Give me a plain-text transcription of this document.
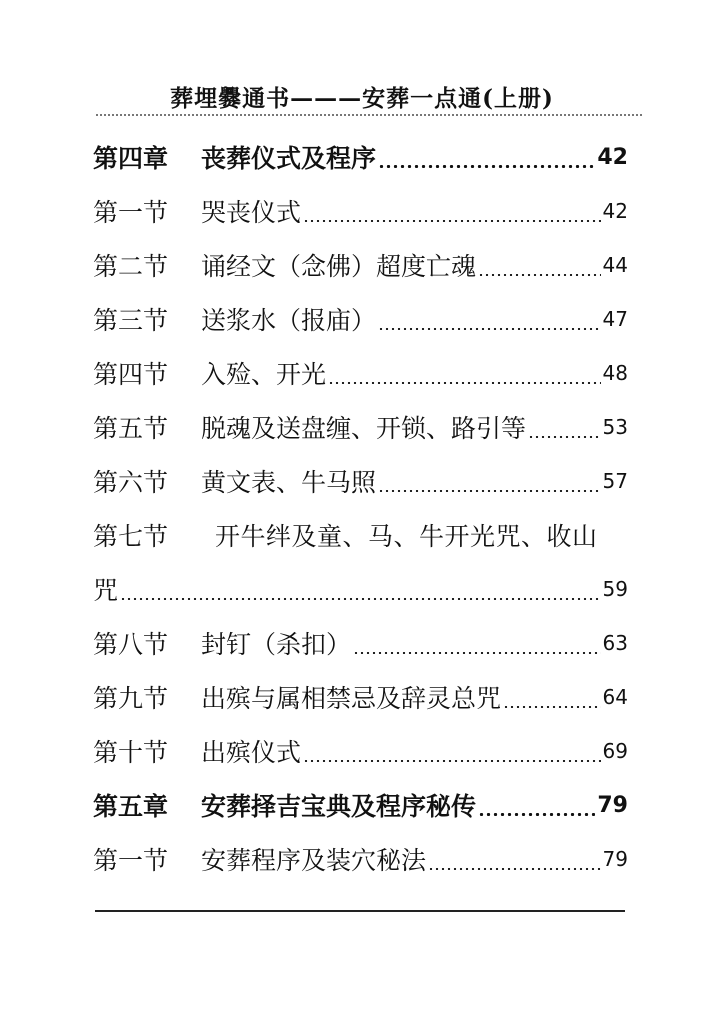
葬埋爨通书———安葬一点通(上册)
第四章	丧葬仪式及程序	42
第一节	哭丧仪式	42
第二节	诵经文（念佛）超度亡魂	44
第三节	送浆水（报庙）	47
第四节	入殓、开光	48
第五节	脱魂及送盘缠、开锁、路引等	53
第六节	黄文表、牛马照	57
第七节	开牛绊及童、马、牛开光咒、收山
咒	59
第八节	封钉（杀扣）	63
第九节	出殡与属相禁忌及辞灵总咒	64
第十节	出殡仪式	69
第五章	安葬择吉宝典及程序秘传	79
第一节	安葬程序及装穴秘法	79
